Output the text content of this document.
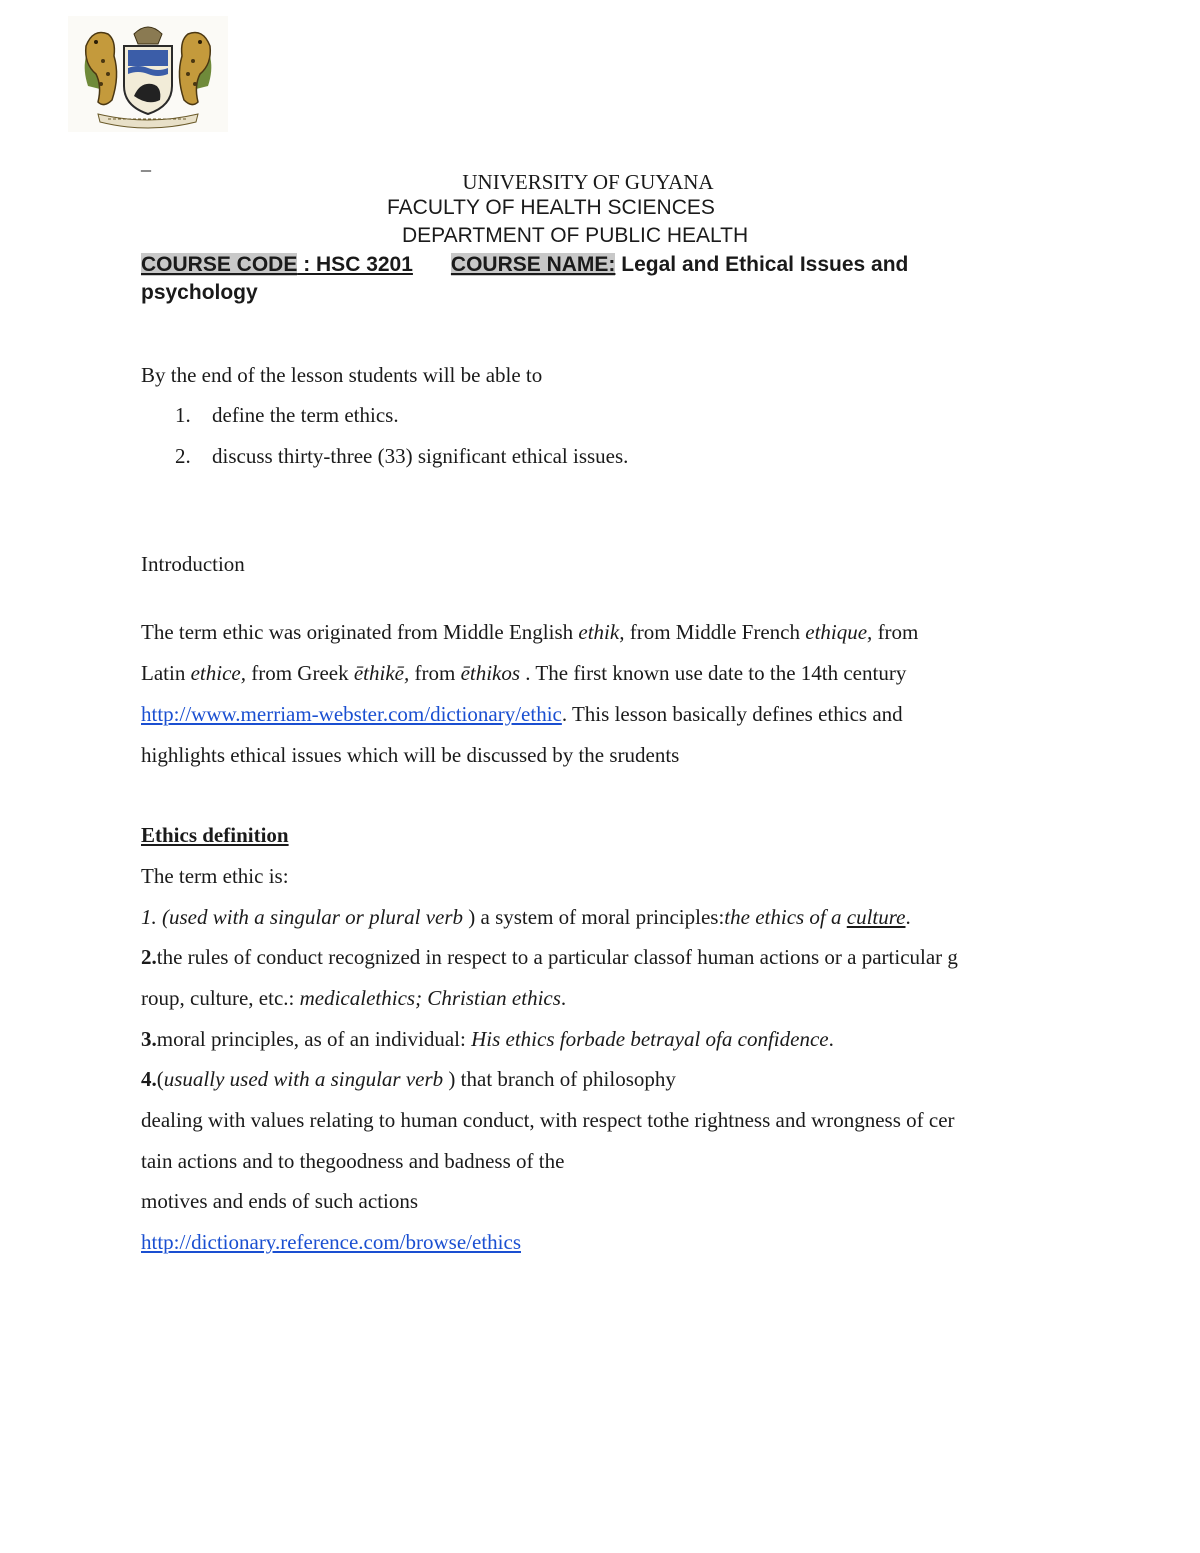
_
UNIVERSITY OF GUYANA
FACULTY OF HEALTH SCIENCES
DEPARTMENT OF PUBLIC HEALTH
COURSE CODE : HSC 3201 COURSE NAME: Legal and Ethical Issues and
psychology
By the end of the lesson students will be able to
1. define the term ethics.
2. discuss thirty-three (33) significant ethical issues.
Introduction
The term ethic was originated from Middle English ethik, from Middle French ethique, from
Latin ethice, from Greek ēthikē, from ēthikos . The first known use date to the 14th century
http://www.merriam-webster.com/dictionary/ethic. This lesson basically defines ethics and
highlights ethical issues which will be discussed by the srudents
Ethics definition
The term ethic is:
1. (used with a singular or plural verb ) a system of moral principles:the ethics of a culture.
2.the rules of conduct recognized in respect to a particular classof human actions or a particular g
roup, culture, etc.: medicalethics; Christian ethics.
3.moral principles, as of an individual: His ethics forbade betrayal ofa confidence.
4.(usually used with a singular verb ) that branch of philosophy
dealing with values relating to human conduct, with respect tothe rightness and wrongness of cer
tain actions and to thegoodness and badness of the
motives and ends of such actions
http://dictionary.reference.com/browse/ethics
